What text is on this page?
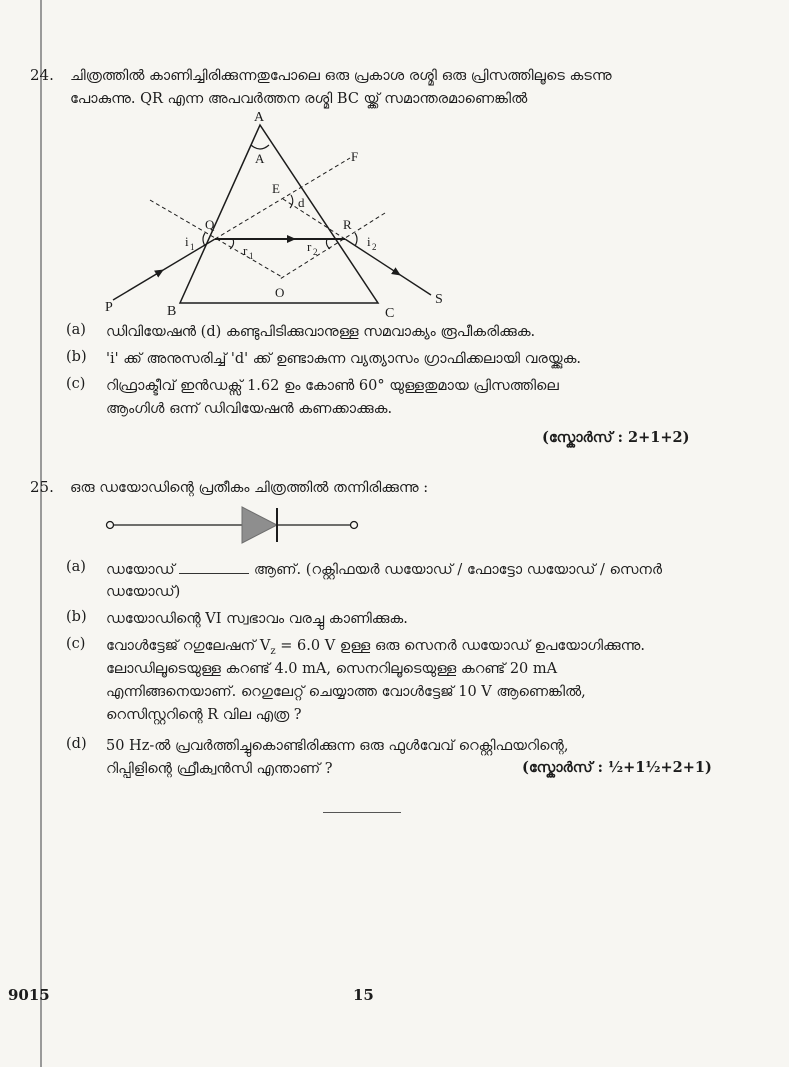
24. ചിത്രത്തിൽ കാണിച്ചിരിക്കുന്നതുപോലെ ഒരു പ്രകാശ രശ്മി ഒരു പ്രിസത്തിലൂടെ കടന്നു
പോകുന്നു. QR എന്ന അപവർത്തന രശ്മി BC യ്ക്ക് സമാന്തരമാണെങ്കിൽ
A
A	F
E
d
Q	R
i 1	i 2
r 1
r 2
O
P	B	C
S
(a) ഡിവിയേഷൻ (d) കണ്ടുപിടിക്കുവാനുള്ള സമവാക്യം രൂപീകരിക്കുക.
(b) 'i' ക്ക് അനുസരിച്ച് 'd' ക്ക് ഉണ്ടാകുന്ന വ്യത്യാസം ഗ്രാഫിക്കലായി വരയ്ക്കുക.
(c) റിഫ്രാക്ടീവ് ഇൻഡക്സ് 1.62 ഉം കോൺ 60° യുള്ളതുമായ പ്രിസത്തിലെ
ആംഗിൾ ഒന്ന് ഡിവിയേഷൻ കണക്കാക്കുക.
(സ്കോർസ് : 2+1+2)
25. ഒരു ഡയോഡിന്റെ പ്രതീകം ചിത്രത്തിൽ തന്നിരിക്കുന്നു :
(a) ഡയോഡ്	ആണ്. (റക്റ്റിഫയർ ഡയോഡ് / ഫോട്ടോ ഡയോഡ് / സെനർ
ഡയോഡ്)
(b) ഡയോഡിന്റെ VI സ്വഭാവം വരച്ചു കാണിക്കുക.
(c) വോൾട്ടേജ് റഗുലേഷന് $V_z = 6.0$ V ഉള്ള ഒരു സെനർ ഡയോഡ് ഉപയോഗിക്കുന്നു.
ലോഡിലൂടെയുള്ള കറണ്ട് 4.0 mA, സെനറിലൂടെയുള്ള കറണ്ട് 20 mA
എന്നിങ്ങനെയാണ്. റെഗുലേറ്റ് ചെയ്യാത്ത വോൾട്ടേജ് 10 V ആണെങ്കിൽ,
റെസിസ്റ്ററിന്റെ R വില എത്ര ?
(d) 50 Hz-ൽ പ്രവർത്തിച്ചുകൊണ്ടിരിക്കുന്ന ഒരു ഫുൾവേവ് റെക്റ്റിഫയറിന്റെ,
റിപ്പിളിന്റെ ഫ്രീക്വൻസി എന്താണ് ?	(സ്കോർസ് : ½+1½+2+1)
9015	15
